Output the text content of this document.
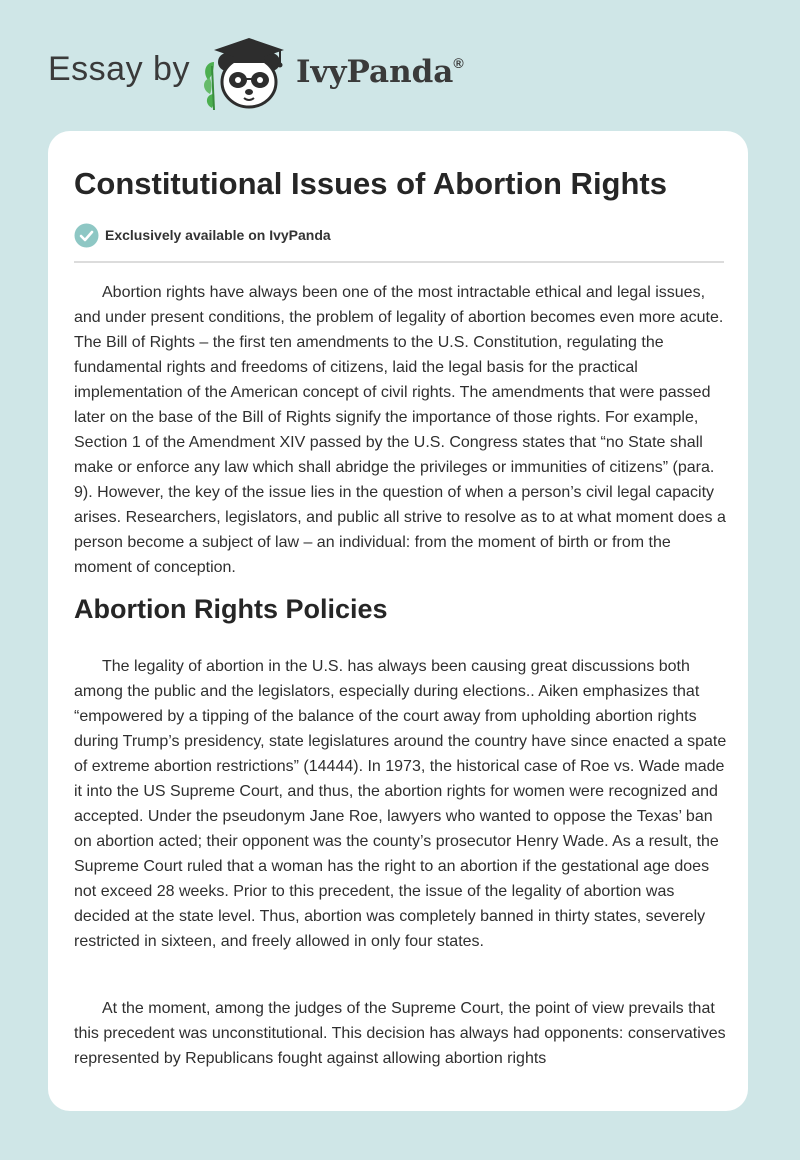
Essay by	IvyPanda®
Constitutional Issues of Abortion Rights
Exclusively available on IvyPanda

Abortion rights have always been one of the most intractable ethical and legal issues, and under present conditions, the problem of legality of abortion becomes even more acute. The Bill of Rights – the first ten amendments to the U.S. Constitution, regulating the fundamental rights and freedoms of citizens, laid the legal basis for the practical implementation of the American concept of civil rights. The amendments that were passed later on the base of the Bill of Rights signify the importance of those rights. For example, Section 1 of the Amendment XIV passed by the U.S. Congress states that “no State shall make or enforce any law which shall abridge the privileges or immunities of citizens” (para. 9). However, the key of the issue lies in the question of when a person’s civil legal capacity arises. Researchers, legislators, and public all strive to resolve as to at what moment does a person become a subject of law – an individual: from the moment of birth or from the moment of conception.

Abortion Rights Policies

The legality of abortion in the U.S. has always been causing great discussions both among the public and the legislators, especially during elections.. Aiken emphasizes that “empowered by a tipping of the balance of the court away from upholding abortion rights during Trump’s presidency, state legislatures around the country have since enacted a spate of extreme abortion restrictions” (14444). In 1973, the historical case of Roe vs. Wade made it into the US Supreme Court, and thus, the abortion rights for women were recognized and accepted. Under the pseudonym Jane Roe, lawyers who wanted to oppose the Texas’ ban on abortion acted; their opponent was the county’s prosecutor Henry Wade. As a result, the Supreme Court ruled that a woman has the right to an abortion if the gestational age does not exceed 28 weeks. Prior to this precedent, the issue of the legality of abortion was decided at the state level. Thus, abortion was completely banned in thirty states, severely restricted in sixteen, and freely allowed in only four states.

At the moment, among the judges of the Supreme Court, the point of view prevails that this precedent was unconstitutional. This decision has always had opponents: conservatives represented by Republicans fought against allowing abortion rights
